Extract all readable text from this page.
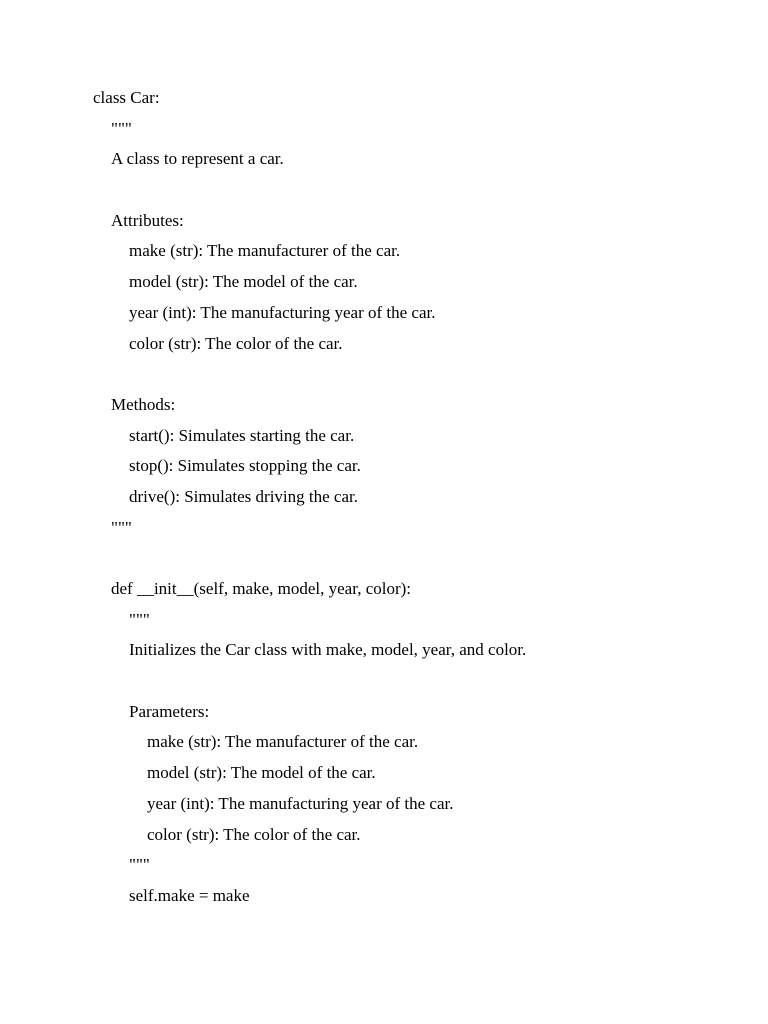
class Car:
"""
A class to represent a car.
Attributes:
make (str): The manufacturer of the car.
model (str): The model of the car.
year (int): The manufacturing year of the car.
color (str): The color of the car.
Methods:
start(): Simulates starting the car.
stop(): Simulates stopping the car.
drive(): Simulates driving the car.
"""
def __init__(self, make, model, year, color):
"""
Initializes the Car class with make, model, year, and color.
Parameters:
make (str): The manufacturer of the car.
model (str): The model of the car.
year (int): The manufacturing year of the car.
color (str): The color of the car.
"""
self.make = make
